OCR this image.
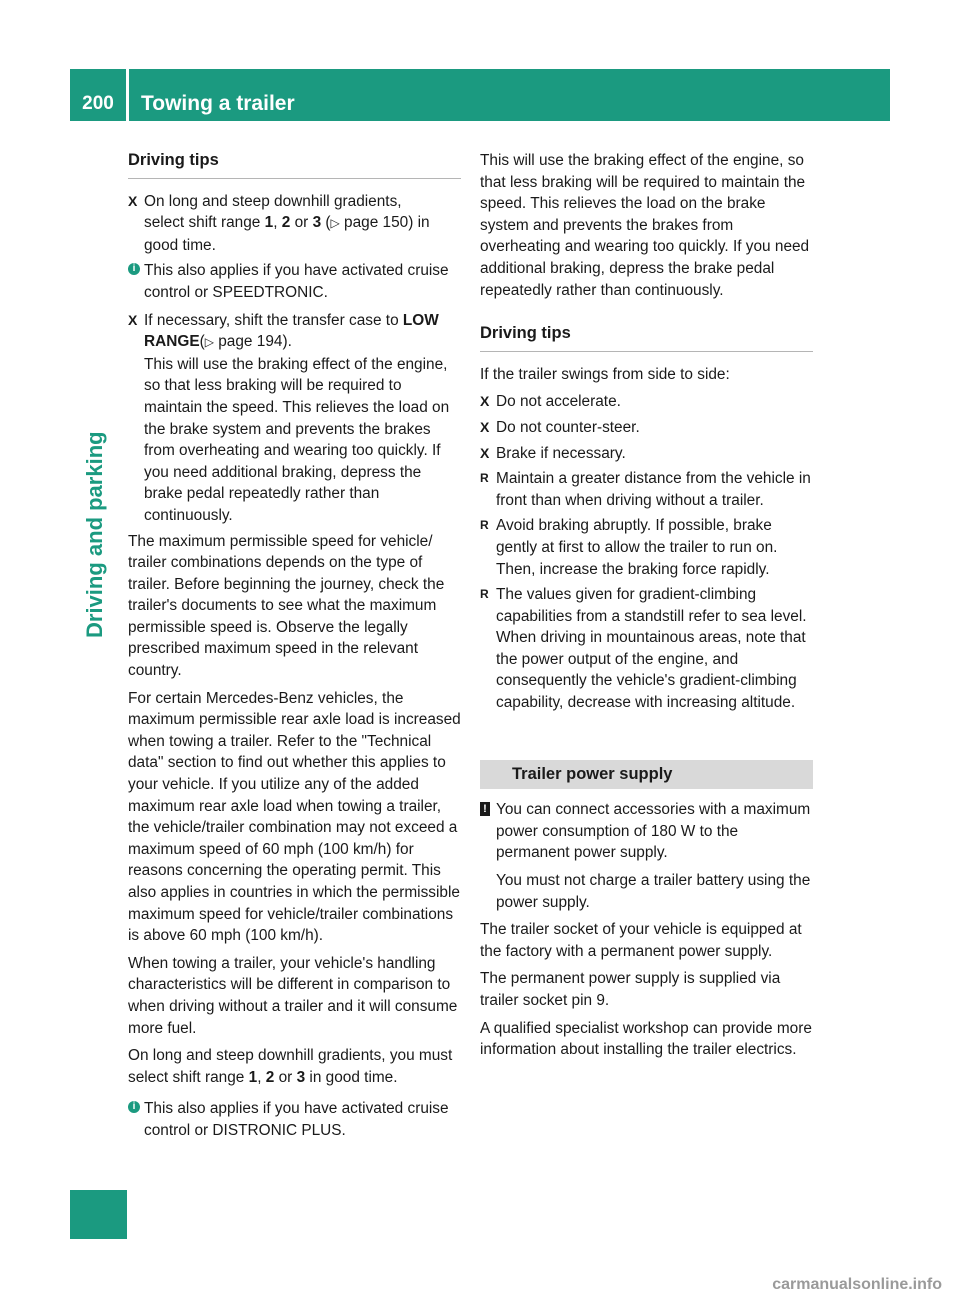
200	Towing a trailer
Driving and parking
Driving tips
X On long and steep downhill gradients,
select shift range 1, 2 or 3 (▷ page 150) in
good time.
i This also applies if you have activated cruise control or SPEEDTRONIC.
X If necessary, shift the transfer case to LOW
RANGE(▷ page 194).
This will use the braking effect of the engine, so that less braking will be required to maintain the speed. This relieves the load on the brake system and prevents the brakes from overheating and wearing too quickly. If you need additional braking, depress the brake pedal repeatedly rather than continuously.

The maximum permissible speed for vehicle/ trailer combinations depends on the type of trailer. Before beginning the journey, check the trailer's documents to see what the maximum permissible speed is. Observe the legally prescribed maximum speed in the relevant country.

For certain Mercedes-Benz vehicles, the maximum permissible rear axle load is increased when towing a trailer. Refer to the "Technical data" section to find out whether this applies to your vehicle. If you utilize any of the added maximum rear axle load when towing a trailer, the vehicle/trailer combination may not exceed a maximum speed of 60 mph (100 km/h) for reasons concerning the operating permit. This also applies in countries in which the permissible maximum speed for vehicle/trailer combinations is above 60 mph (100 km/h).

When towing a trailer, your vehicle's handling characteristics will be different in comparison to when driving without a trailer and it will consume more fuel.

On long and steep downhill gradients, you must select shift range 1, 2 or 3 in good time.

i This also applies if you have activated cruise control or DISTRONIC PLUS.

This will use the braking effect of the engine, so that less braking will be required to maintain the speed. This relieves the load on the brake system and prevents the brakes from overheating and wearing too quickly. If you need additional braking, depress the brake pedal repeatedly rather than continuously.

Driving tips

If the trailer swings from side to side:

X Do not accelerate.
X Do not counter-steer.
X Brake if necessary.
R Maintain a greater distance from the vehicle in front than when driving without a trailer.
R Avoid braking abruptly. If possible, brake gently at first to allow the trailer to run on. Then, increase the braking force rapidly.
R The values given for gradient-climbing capabilities from a standstill refer to sea level. When driving in mountainous areas, note that the power output of the engine, and consequently the vehicle's gradient-climbing capability, decrease with increasing altitude.
Trailer power supply
! You can connect accessories with a maximum power consumption of 180 W to the permanent power supply.
You must not charge a trailer battery using the power supply.

The trailer socket of your vehicle is equipped at the factory with a permanent power supply.

The permanent power supply is supplied via trailer socket pin 9.

A qualified specialist workshop can provide more information about installing the trailer electrics.

carmanualsonline.info
